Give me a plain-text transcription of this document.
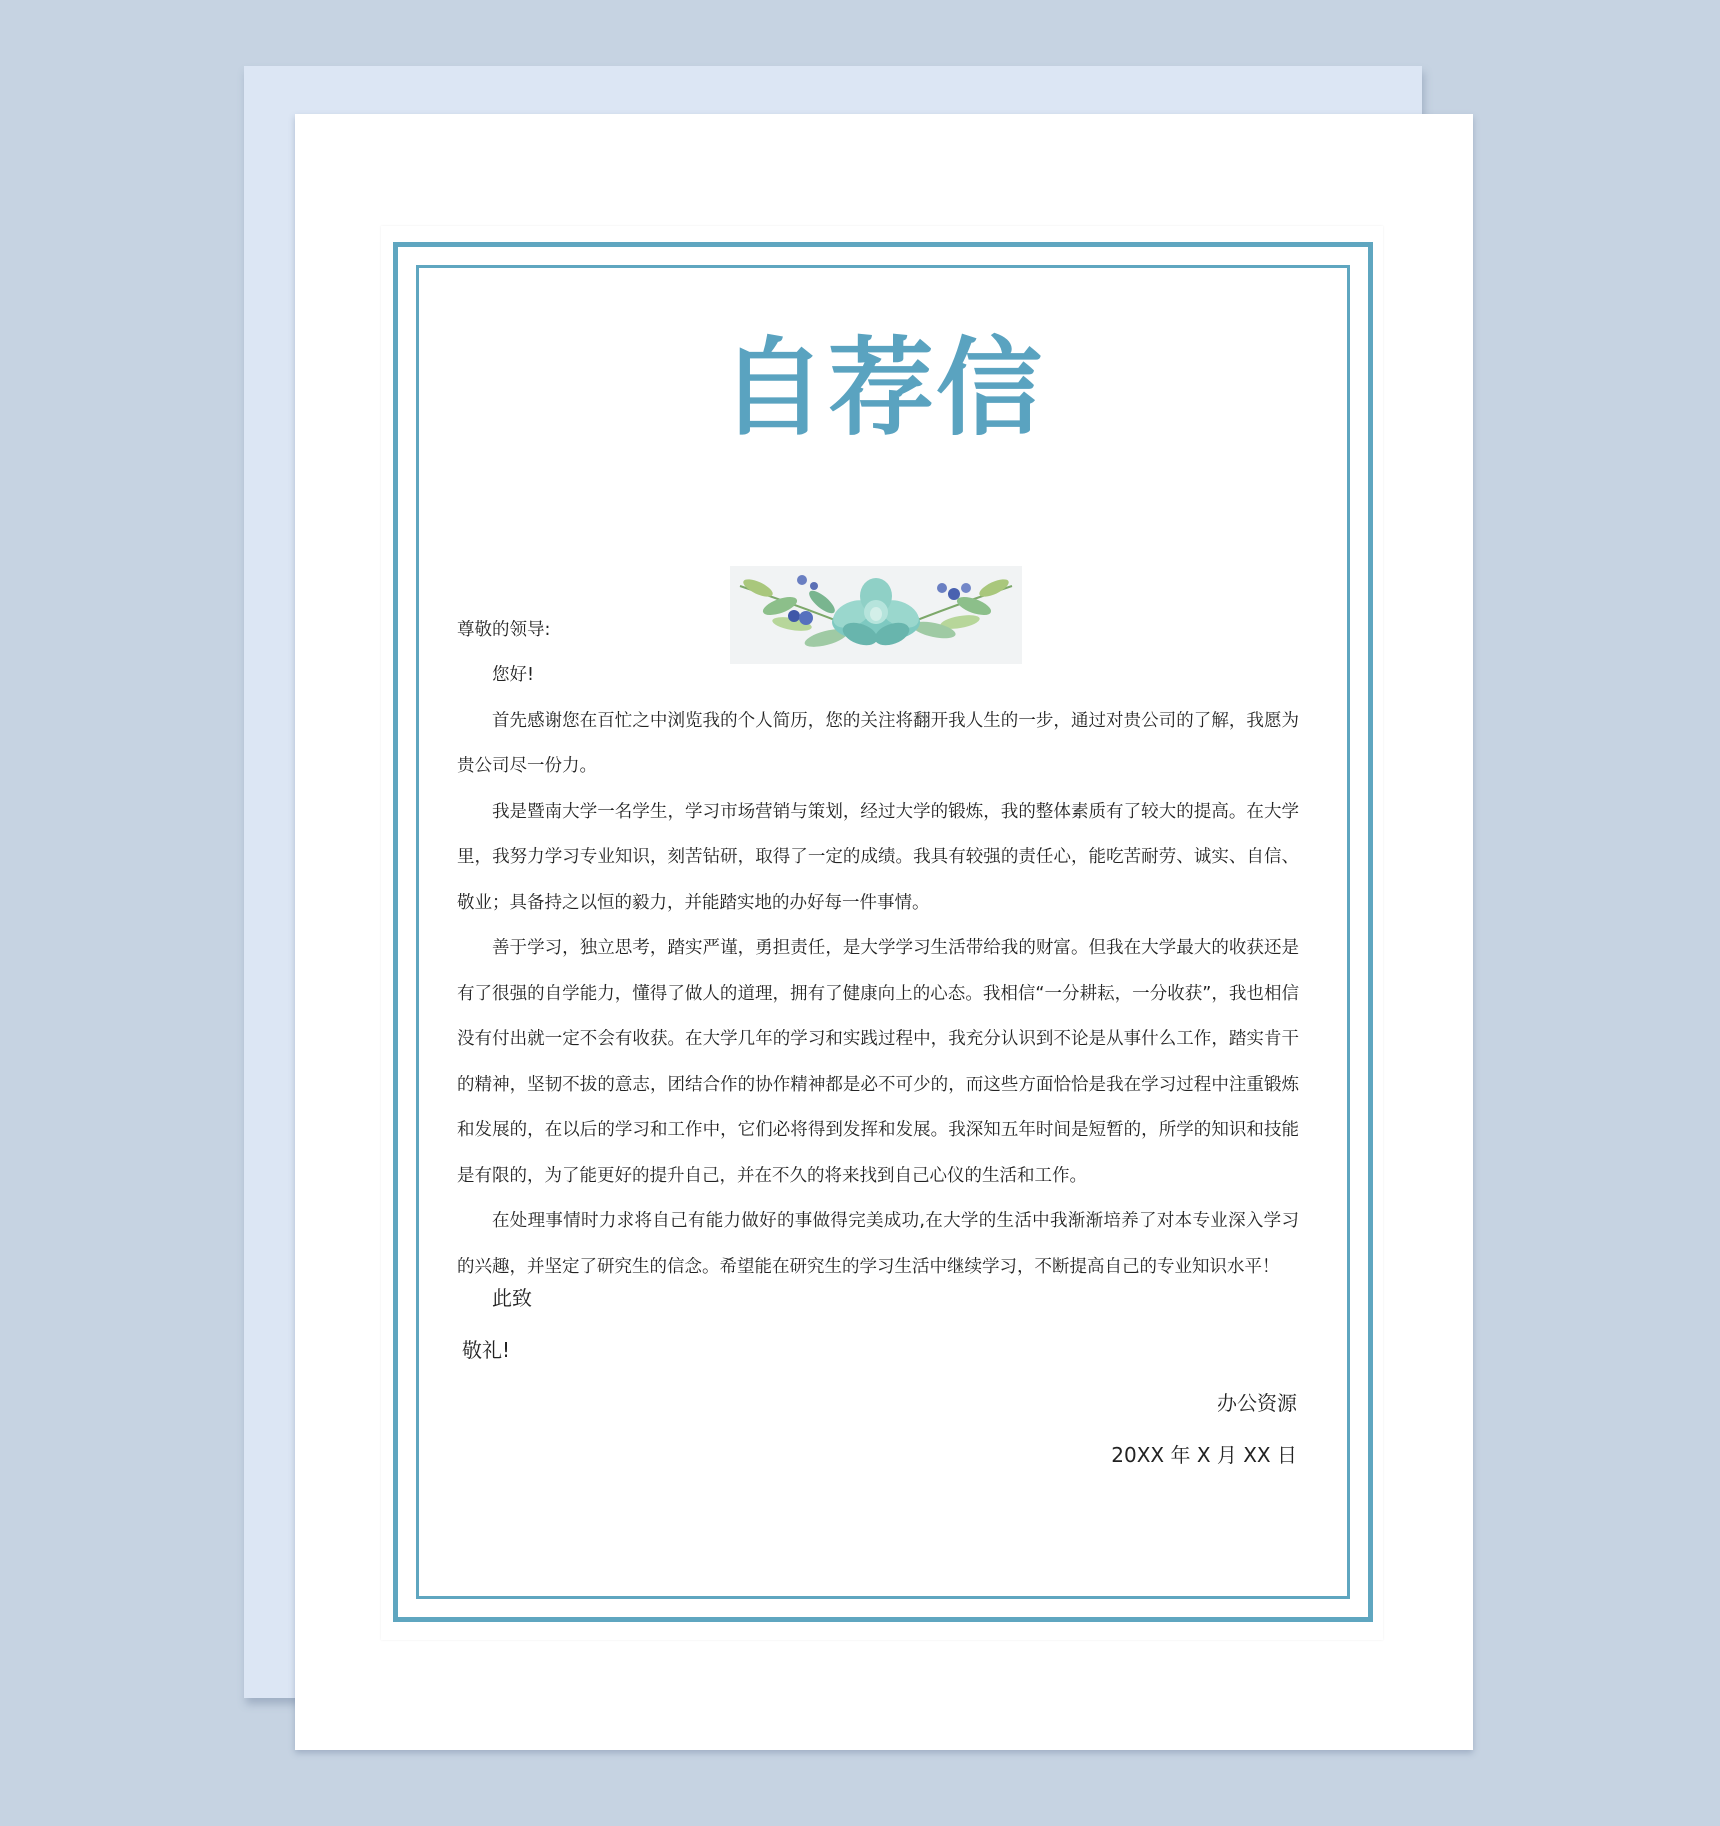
自荐信
尊敬的领导:

您好!

首先感谢您在百忙之中浏览我的个人简历，您的关注将翻开我人生的一步，通过对贵公司的了解，我愿为贵公司尽一份力。

我是暨南大学一名学生，学习市场营销与策划，经过大学的锻炼，我的整体素质有了较大的提高。在大学里，我努力学习专业知识，刻苦钻研，取得了一定的成绩。我具有较强的责任心，能吃苦耐劳、诚实、自信、敬业；具备持之以恒的毅力，并能踏实地的办好每一件事情。

善于学习，独立思考，踏实严谨，勇担责任，是大学学习生活带给我的财富。但我在大学最大的收获还是有了很强的自学能力，懂得了做人的道理，拥有了健康向上的心态。我相信“一分耕耘，一分收获”，我也相信没有付出就一定不会有收获。在大学几年的学习和实践过程中，我充分认识到不论是从事什么工作，踏实肯干的精神，坚韧不拔的意志，团结合作的协作精神都是必不可少的，而这些方面恰恰是我在学习过程中注重锻炼和发展的，在以后的学习和工作中，它们必将得到发挥和发展。我深知五年时间是短暂的，所学的知识和技能是有限的，为了能更好的提升自己，并在不久的将来找到自己心仪的生活和工作。

在处理事情时力求将自己有能力做好的事做得完美成功,在大学的生活中我渐渐培养了对本专业深入学习的兴趣，并坚定了研究生的信念。希望能在研究生的学习生活中继续学习，不断提高自己的专业知识水平！

此致
敬礼!
办公资源
20XX 年 X 月 XX 日
